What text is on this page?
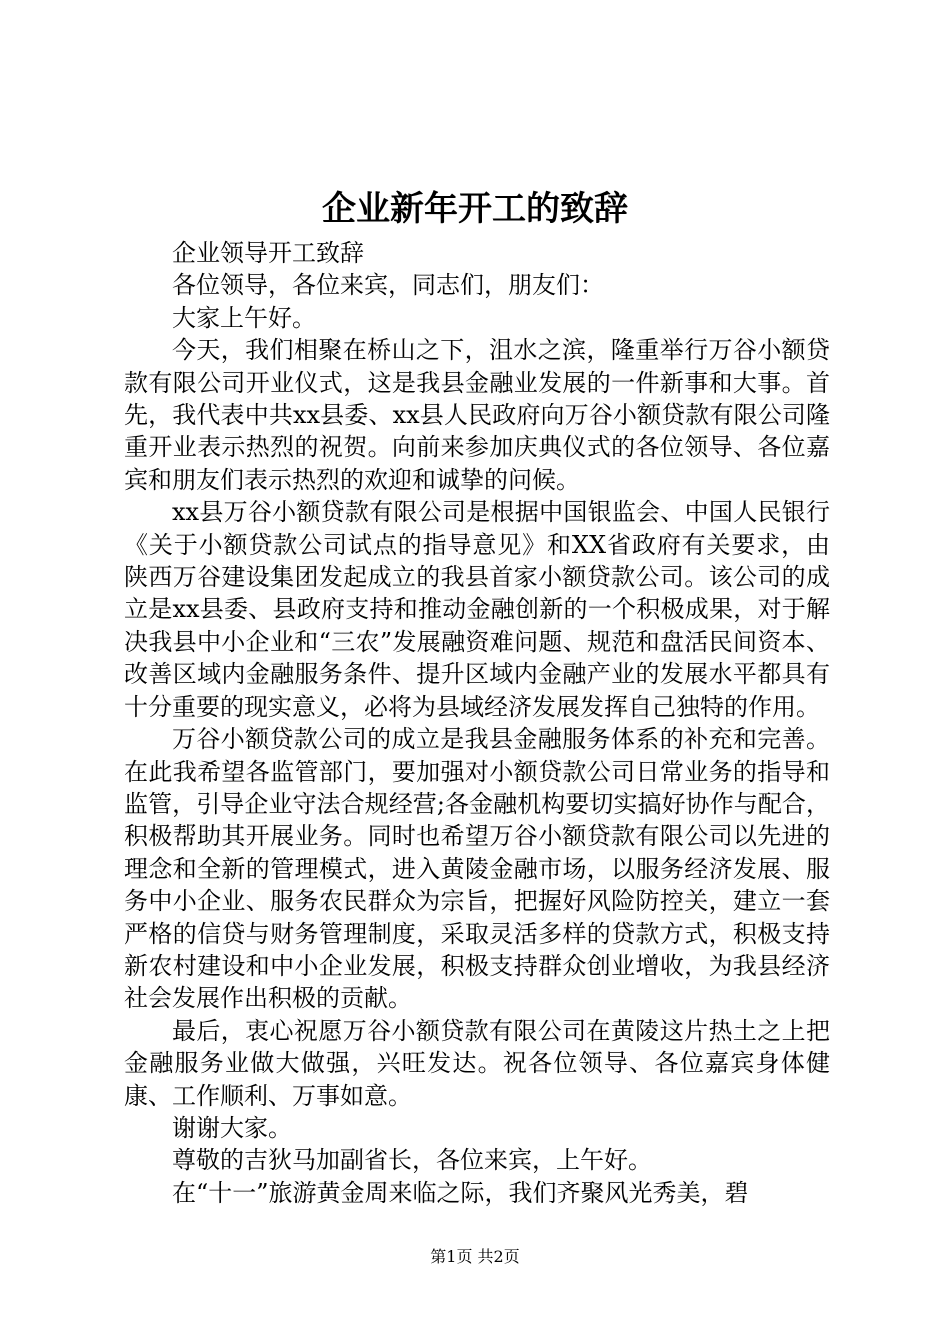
企业新年开工的致辞

企业领导开工致辞

各位领导，各位来宾，同志们，朋友们：

大家上午好。

今天，我们相聚在桥山之下，沮水之滨，隆重举行万谷小额贷款有限公司开业仪式，这是我县金融业发展的一件新事和大事。首先，我代表中共xx县委、xx县人民政府向万谷小额贷款有限公司隆重开业表示热烈的祝贺。向前来参加庆典仪式的各位领导、各位嘉宾和朋友们表示热烈的欢迎和诚挚的问候。

xx县万谷小额贷款有限公司是根据中国银监会、中国人民银行《关于小额贷款公司试点的指导意见》和XX省政府有关要求，由陕西万谷建设集团发起成立的我县首家小额贷款公司。该公司的成立是xx县委、县政府支持和推动金融创新的一个积极成果，对于解决我县中小企业和“三农”发展融资难问题、规范和盘活民间资本、改善区域内金融服务条件、提升区域内金融产业的发展水平都具有十分重要的现实意义，必将为县域经济发展发挥自己独特的作用。

万谷小额贷款公司的成立是我县金融服务体系的补充和完善。在此我希望各监管部门，要加强对小额贷款公司日常业务的指导和监管，引导企业守法合规经营;各金融机构要切实搞好协作与配合，积极帮助其开展业务。同时也希望万谷小额贷款有限公司以先进的理念和全新的管理模式，进入黄陵金融市场，以服务经济发展、服务中小企业、服务农民群众为宗旨，把握好风险防控关，建立一套严格的信贷与财务管理制度，采取灵活多样的贷款方式，积极支持新农村建设和中小企业发展，积极支持群众创业增收，为我县经济社会发展作出积极的贡献。

最后，衷心祝愿万谷小额贷款有限公司在黄陵这片热土之上把金融服务业做大做强，兴旺发达。祝各位领导、各位嘉宾身体健康、工作顺利、万事如意。

谢谢大家。

尊敬的吉狄马加副省长，各位来宾，上午好。

在“十一”旅游黄金周来临之际，我们齐聚风光秀美，碧

第1页 共2页
